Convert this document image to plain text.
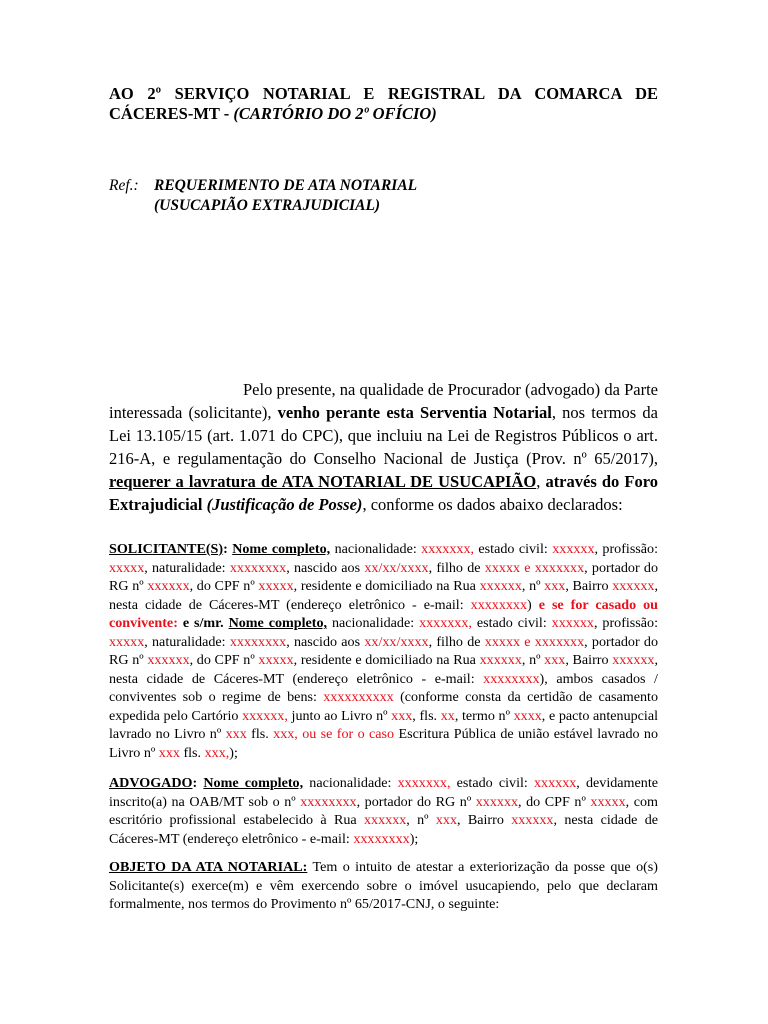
AO 2º SERVIÇO NOTARIAL E REGISTRAL DA COMARCA DE CÁCERES-MT - (CARTÓRIO DO 2º OFÍCIO)
Ref.: REQUERIMENTO DE ATA NOTARIAL
(USUCAPIÃO EXTRAJUDICIAL)

Pelo presente, na qualidade de Procurador (advogado) da Parte interessada (solicitante), venho perante esta Serventia Notarial, nos termos da Lei 13.105/15 (art. 1.071 do CPC), que incluiu na Lei de Registros Públicos o art. 216-A, e regulamentação do Conselho Nacional de Justiça (Prov. nº 65/2017), requerer a lavratura de ATA NOTARIAL DE USUCAPIÃO, através do Foro Extrajudicial (Justificação de Posse), conforme os dados abaixo declarados:

SOLICITANTE(S): Nome completo, nacionalidade: xxxxxxx, estado civil: xxxxxx, profissão: xxxxx, naturalidade: xxxxxxxx, nascido aos xx/xx/xxxx, filho de xxxxx e xxxxxxx, portador do RG nº xxxxxx, do CPF nº xxxxx, residente e domiciliado na Rua xxxxxx, nº xxx, Bairro xxxxxx, nesta cidade de Cáceres-MT (endereço eletrônico - e-mail: xxxxxxxx) e se for casado ou convivente: e s/mr. Nome completo, nacionalidade: xxxxxxx, estado civil: xxxxxx, profissão: xxxxx, naturalidade: xxxxxxxx, nascido aos xx/xx/xxxx, filho de xxxxx e xxxxxxx, portador do RG nº xxxxxx, do CPF nº xxxxx, residente e domiciliado na Rua xxxxxx, nº xxx, Bairro xxxxxx, nesta cidade de Cáceres-MT (endereço eletrônico - e-mail: xxxxxxxx), ambos casados / conviventes sob o regime de bens: xxxxxxxxxx (conforme consta da certidão de casamento expedida pelo Cartório xxxxxx, junto ao Livro nº xxx, fls. xx, termo nº xxxx, e pacto antenupcial lavrado no Livro nº xxx fls. xxx, ou se for o caso Escritura Pública de união estável lavrado no Livro nº xxx fls. xxx,);

ADVOGADO: Nome completo, nacionalidade: xxxxxxx, estado civil: xxxxxx, devidamente inscrito(a) na OAB/MT sob o nº xxxxxxxx, portador do RG nº xxxxxx, do CPF nº xxxxx, com escritório profissional estabelecido à Rua xxxxxx, nº xxx, Bairro xxxxxx, nesta cidade de Cáceres-MT (endereço eletrônico - e-mail: xxxxxxxx);

OBJETO DA ATA NOTARIAL: Tem o intuito de atestar a exteriorização da posse que o(s) Solicitante(s) exerce(m) e vêm exercendo sobre o imóvel usucapiendo, pelo que declaram formalmente, nos termos do Provimento nº 65/2017-CNJ, o seguinte:
